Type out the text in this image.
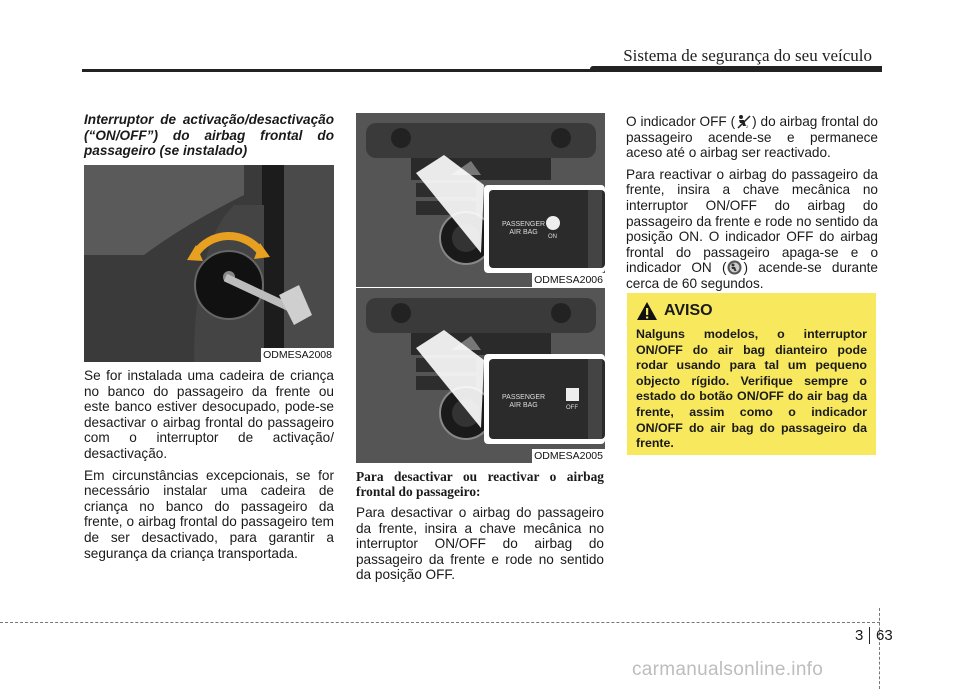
Sistema de segurança do seu veículo

Interruptor de activação/desactivação (“ON/OFF”) do airbag frontal do passageiro (se instalado)

ODMESA2008

Se for instalada uma cadeira de criança no banco do passageiro da frente ou este banco estiver desocupado, pode-se desactivar o airbag frontal do passageiro com o interruptor de activação/ desactivação.

Em circunstâncias excepcionais, se for necessário instalar uma cadeira de criança no banco do passageiro da frente, o airbag frontal do passageiro tem de ser desactivado, para garantir a segurança da criança transportada.

PASSENGER
AIR BAG
ON
ODMESA2006
PASSENGER
AIR BAG	OFF
ODMESA2005

Para desactivar ou reactivar o airbag frontal do passageiro:

Para desactivar o airbag do passageiro da frente, insira a chave mecânica no interruptor ON/OFF do airbag do passageiro da frente e rode no sentido da posição OFF.

O indicador OFF (	2 ) do airbag frontal do passageiro acende-se e permanece aceso até o airbag ser reactivado.

Para reactivar o airbag do passageiro da frente, insira a chave mecânica no interruptor ON/OFF do airbag do passageiro da frente e rode no sentido da posição ON. O indicador OFF do airbag frontal do passageiro apaga-se e o indicador ON ( ) acende-se durante cerca de 60 segundos.

AVISO
Nalguns modelos, o interruptor ON/OFF do air bag dianteiro pode rodar usando para tal um pequeno objecto rígido. Verifique sempre o estado do botão ON/OFF do air bag da frente, assim como o indicador ON/OFF do air bag do passageiro da frente.
3 63
carmanualsonline.info
